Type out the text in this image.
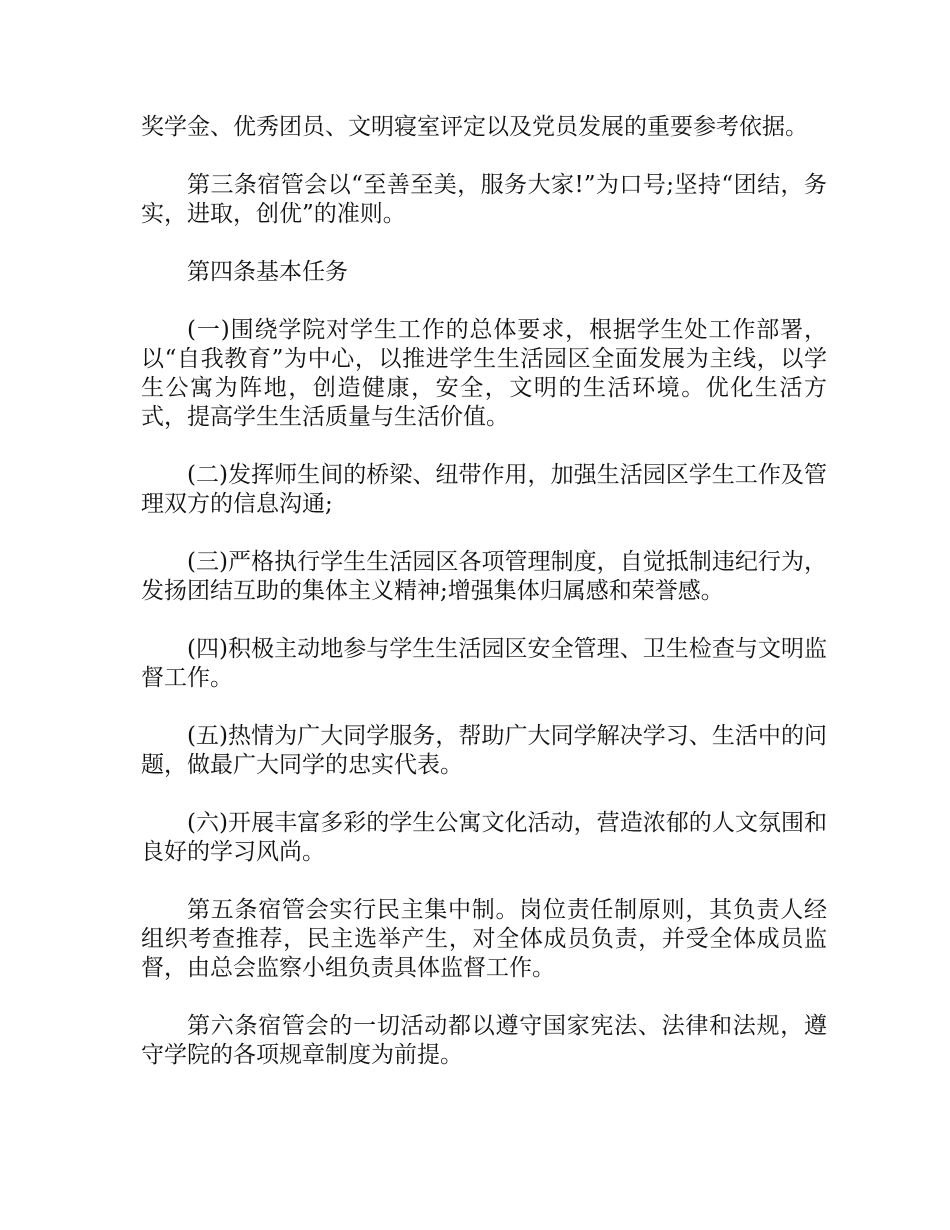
奖学金、优秀团员、文明寝室评定以及党员发展的重要参考依据。

第三条宿管会以“至善至美，服务大家!”为口号;坚持“团结，务实，进取，创优”的准则。

第四条基本任务

(一)围绕学院对学生工作的总体要求，根据学生处工作部署，以“自我教育”为中心，以推进学生生活园区全面发展为主线，以学生公寓为阵地，创造健康，安全，文明的生活环境。优化生活方式，提高学生生活质量与生活价值。

(二)发挥师生间的桥梁、纽带作用，加强生活园区学生工作及管理双方的信息沟通;

(三)严格执行学生生活园区各项管理制度，自觉抵制违纪行为，发扬团结互助的集体主义精神;增强集体归属感和荣誉感。

(四)积极主动地参与学生生活园区安全管理、卫生检查与文明监督工作。

(五)热情为广大同学服务，帮助广大同学解决学习、生活中的问题，做最广大同学的忠实代表。

(六)开展丰富多彩的学生公寓文化活动，营造浓郁的人文氛围和良好的学习风尚。

第五条宿管会实行民主集中制。岗位责任制原则，其负责人经组织考查推荐，民主选举产生，对全体成员负责，并受全体成员监督，由总会监察小组负责具体监督工作。

第六条宿管会的一切活动都以遵守国家宪法、法律和法规，遵守学院的各项规章制度为前提。
